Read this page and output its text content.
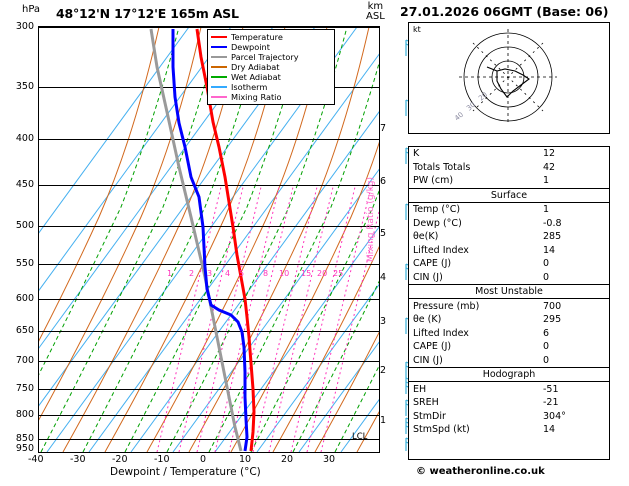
hPa 48°12'N 17°12'E 165m ASL	km
ASL
1 2 3 4 5 8 10 15 20 25
Temperature
Dewpoint
Parcel Trajectory
Dry Adiabat
Wet Adiabat
Isotherm
Mixing Ratio
300
350
400
450
500
550
600
650
700
750
800
850
950
1
2
3
4
5
6
7
Mixing Ratio (g/kg)
LCL
-40	-30	-20	-10	0	10	20	30
Dewpoint / Temperature (°C)
27.01.2026 06GMT (Base: 06)
kt
20
30
40
K	12
Totals Totals	42
PW (cm)	1
Surface	
Temp (°C)	1
Dewp (°C)	-0.8
θe(K)	285
Lifted Index	14
CAPE (J)	0
CIN (J)	0
Most Unstable	
Pressure (mb)	700
θe (K)	295
Lifted Index	6
CAPE (J)	0
CIN (J)	0
Hodograph	
EH	-51
SREH	-21
StmDir	304°
StmSpd (kt)	14
© weatheronline.co.uk
